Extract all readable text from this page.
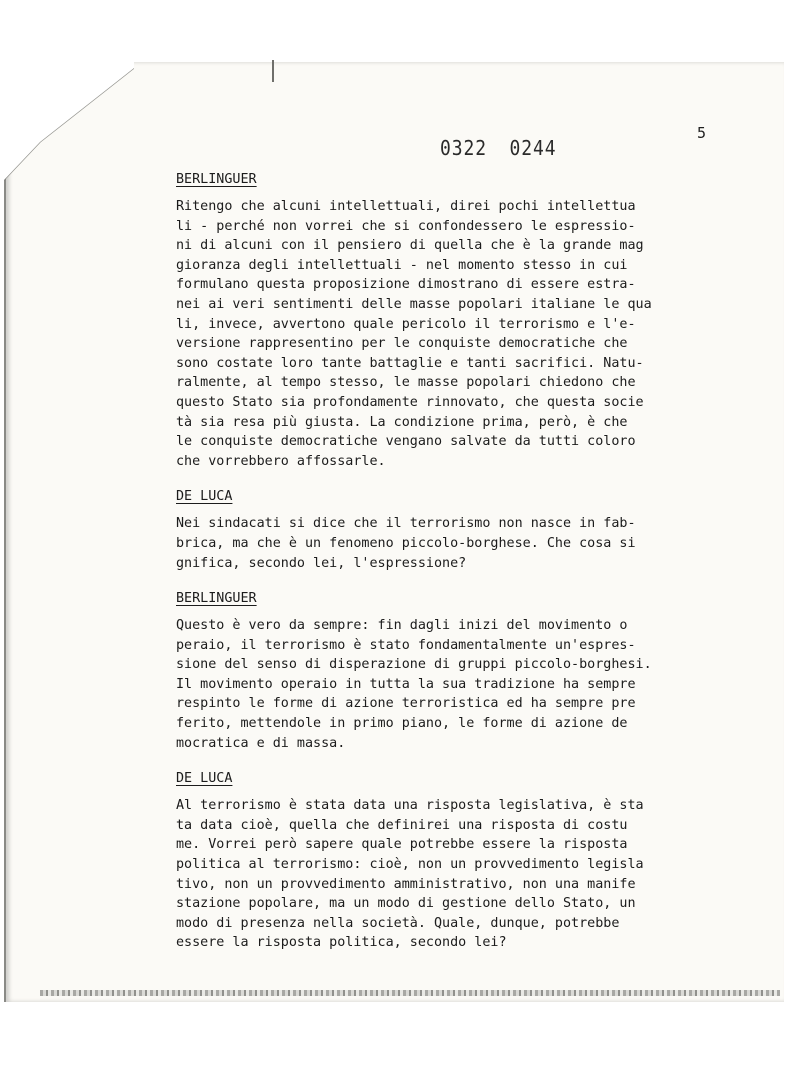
5
0322 0244
BERLINGUER
Ritengo che alcuni intellettuali, direi pochi intellettua
li - perché non vorrei che si confondessero le espressio-
ni di alcuni con il pensiero di quella che è la grande mag
gioranza degli intellettuali - nel momento stesso in cui
formulano questa proposizione dimostrano di essere estra-
nei ai veri sentimenti delle masse popolari italiane le qua
li, invece, avvertono quale pericolo il terrorismo e l'e-
versione rappresentino per le conquiste democratiche che
sono costate loro tante battaglie e tanti sacrifici. Natu-
ralmente, al tempo stesso, le masse popolari chiedono che
questo Stato sia profondamente rinnovato, che questa socie
tà sia resa più giusta. La condizione prima, però, è che
le conquiste democratiche vengano salvate da tutti coloro
che vorrebbero affossarle.
DE LUCA
Nei sindacati si dice che il terrorismo non nasce in fab-
brica, ma che è un fenomeno piccolo-borghese. Che cosa si
gnifica, secondo lei, l'espressione?
BERLINGUER
Questo è vero da sempre: fin dagli inizi del movimento o
peraio, il terrorismo è stato fondamentalmente un'espres-
sione del senso di disperazione di gruppi piccolo-borghesi.
Il movimento operaio in tutta la sua tradizione ha sempre
respinto le forme di azione terroristica ed ha sempre pre
ferito, mettendole in primo piano, le forme di azione de
mocratica e di massa.
DE LUCA
Al terrorismo è stata data una risposta legislativa, è sta
ta data cioè, quella che definirei una risposta di costu
me. Vorrei però sapere quale potrebbe essere la risposta
politica al terrorismo: cioè, non un provvedimento legisla
tivo, non un provvedimento amministrativo, non una manife
stazione popolare, ma un modo di gestione dello Stato, un
modo di presenza nella società. Quale, dunque, potrebbe
essere la risposta politica, secondo lei?
